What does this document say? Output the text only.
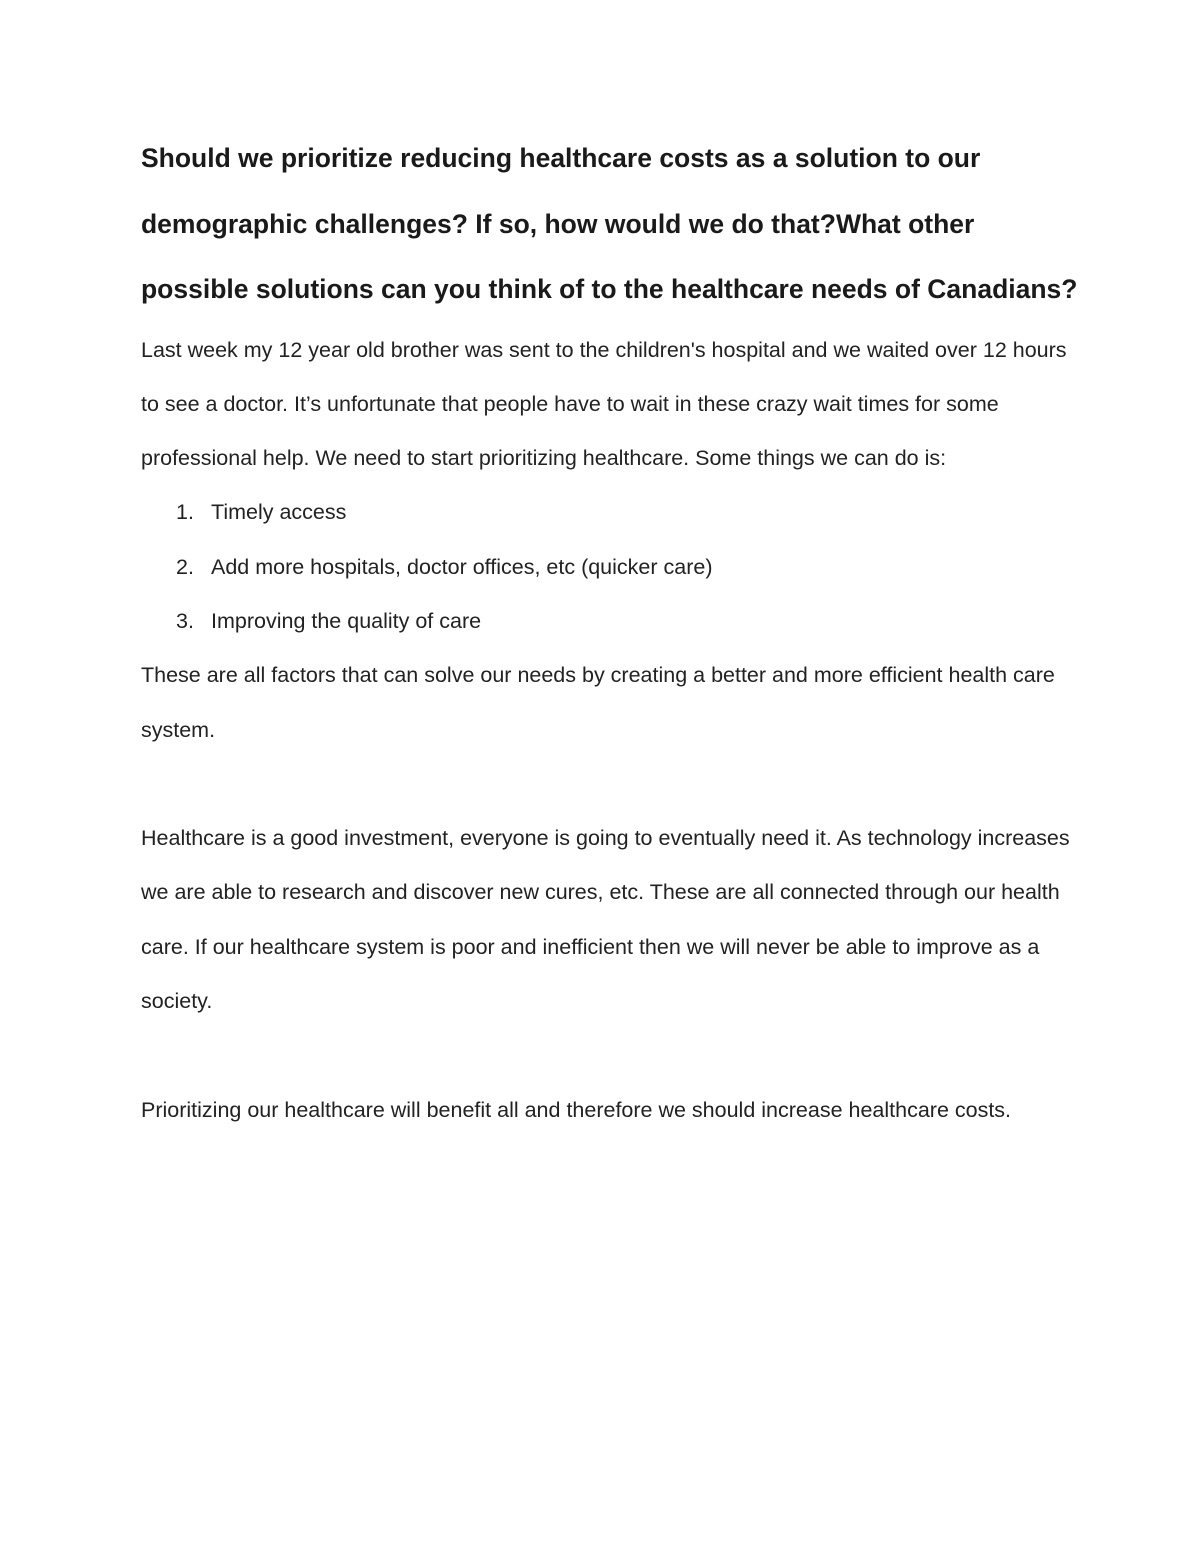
Should we prioritize reducing healthcare costs as a solution to our demographic challenges? If so, how would we do that?What other possible solutions can you think of to the healthcare needs of Canadians?

Last week my 12 year old brother was sent to the children's hospital and we waited over 12 hours to see a doctor. It’s unfortunate that people have to wait in these crazy wait times for some professional help. We need to start prioritizing healthcare. Some things we can do is:

1. Timely access
2. Add more hospitals, doctor offices, etc (quicker care)
3. Improving the quality of care

These are all factors that can solve our needs by creating a better and more efficient health care system.

Healthcare is a good investment, everyone is going to eventually need it. As technology increases we are able to research and discover new cures, etc. These are all connected through our health care. If our healthcare system is poor and inefficient then we will never be able to improve as a society.

Prioritizing our healthcare will benefit all and therefore we should increase healthcare costs.
